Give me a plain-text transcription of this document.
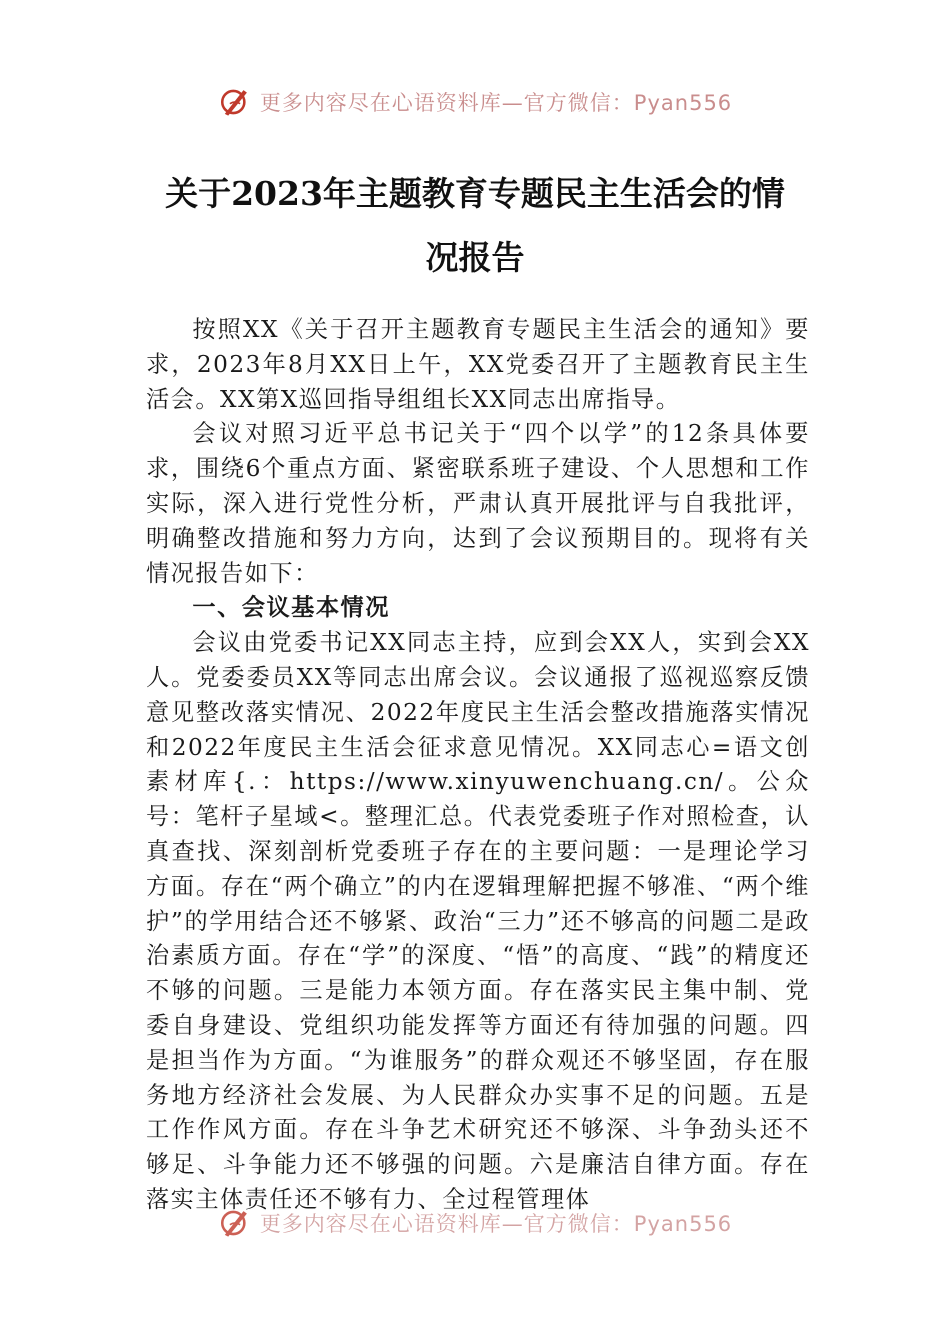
更多内容尽在心语资料库—官方微信：Pyan556
关于2023年主题教育专题民主生活会的情
况报告

按照XX《关于召开主题教育专题民主生活会的通知》要求，2023年8月XX日上午，XX党委召开了主题教育民主生活会。XX第X巡回指导组组长XX同志出席指导。

会议对照习近平总书记关于“四个以学”的12条具体要求，围绕6个重点方面、紧密联系班子建设、个人思想和工作实际，深入进行党性分析，严肃认真开展批评与自我批评，明确整改措施和努力方向，达到了会议预期目的。现将有关情况报告如下：

一、会议基本情况

会议由党委书记XX同志主持，应到会XX人，实到会XX人。党委委员XX等同志出席会议。会议通报了巡视巡察反馈意见整改落实情况、2022年度民主生活会整改措施落实情况和2022年度民主生活会征求意见情况。XX同志心=语文创素材库{.：https://www.xinyuwenchuang.cn/。公众号：笔杆子星域<。整理汇总。代表党委班子作对照检查，认真查找、深刻剖析党委班子存在的主要问题：一是理论学习方面。存在“两个确立”的内在逻辑理解把握不够准、“两个维护”的学用结合还不够紧、政治“三力”还不够高的问题二是政治素质方面。存在“学”的深度、“悟”的高度、“践”的精度还不够的问题。三是能力本领方面。存在落实民主集中制、党委自身建设、党组织功能发挥等方面还有待加强的问题。四是担当作为方面。“为谁服务”的群众观还不够坚固，存在服务地方经济社会发展、为人民群众办实事不足的问题。五是工作作风方面。存在斗争艺术研究还不够深、斗争劲头还不够足、斗争能力还不够强的问题。六是廉洁自律方面。存在落实主体责任还不够有力、全过程管理体

更多内容尽在心语资料库—官方微信：Pyan556
